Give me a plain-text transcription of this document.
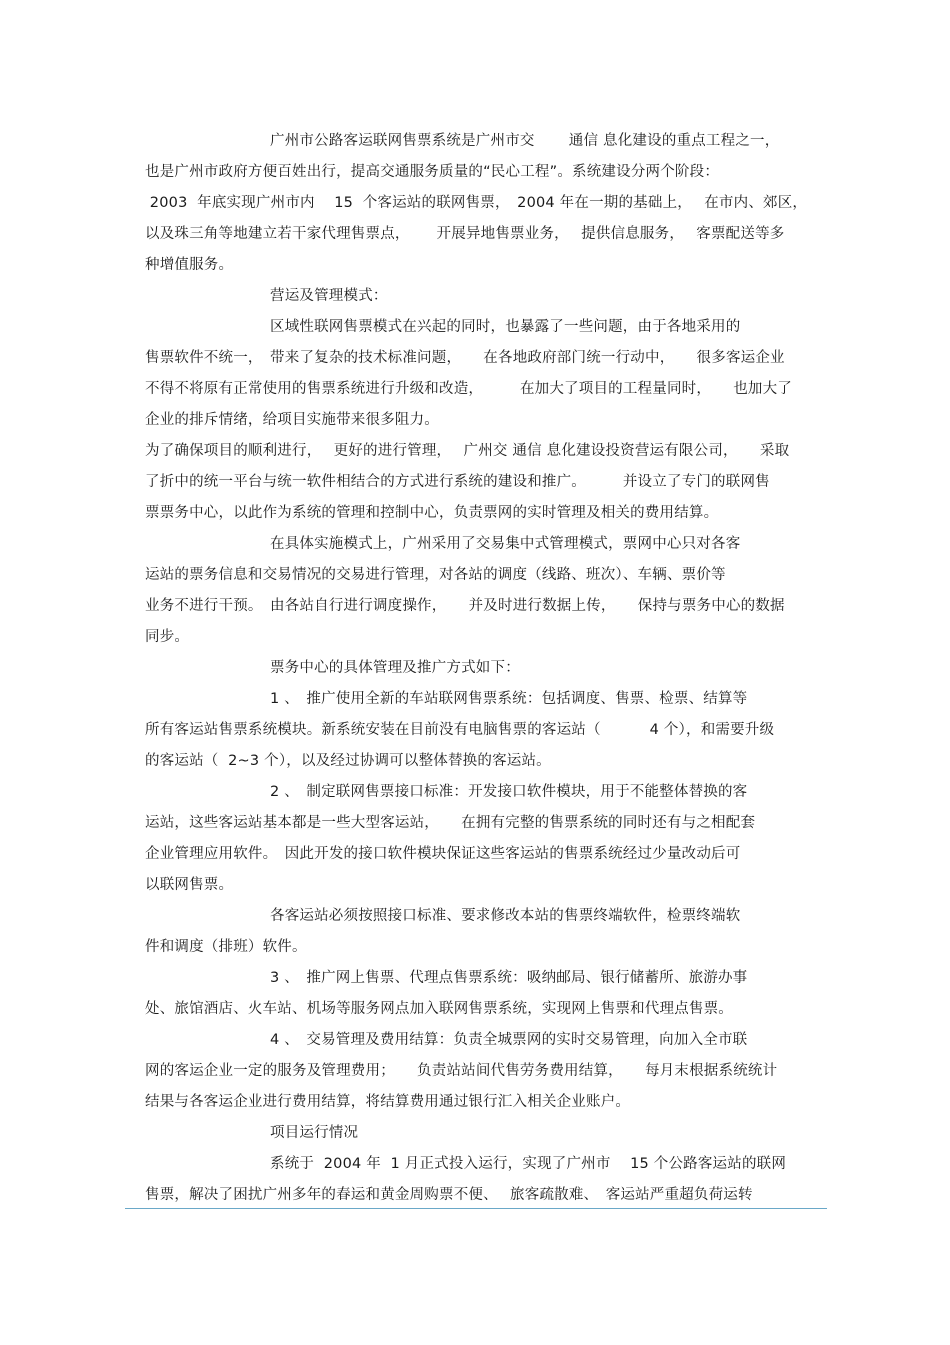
广州市公路客运联网售票系统是广州市交　　 通信 息化建设的重点工程之一，
也是广州市政府方便百姓出行，提高交通服务质量的“民心工程”。系统建设分两个阶段：
2003  年底实现广州市内　 15  个客运站的联网售票，　2004 年在一期的基础上，　 在市内、郊区，
以及珠三角等地建立若干家代理售票点，　　 开展异地售票业务，　 提供信息服务，　 客票配送等多
种增值服务。
营运及管理模式：
区域性联网售票模式在兴起的同时，也暴露了一些问题，由于各地采用的
售票软件不统一，　带来了复杂的技术标准问题，　　在各地政府部门统一行动中，　　很多客运企业
不得不将原有正常使用的售票系统进行升级和改造，　　　在加大了项目的工程量同时，　　也加大了
企业的排斥情绪，给项目实施带来很多阻力。
为了确保项目的顺利进行，　 更好的进行管理，　 广州交 通信 息化建设投资营运有限公司，　　采取
了折中的统一平台与统一软件相结合的方式进行系统的建设和推广。　　　并设立了专门的联网售
票票务中心，以此作为系统的管理和控制中心，负责票网的实时管理及相关的费用结算。
在具体实施模式上，广州采用了交易集中式管理模式，票网中心只对各客
运站的票务信息和交易情况的交易进行管理，对各站的调度（线路、班次）、车辆、票价等
业务不进行干预。　由各站自行进行调度操作，　　并及时进行数据上传，　　保持与票务中心的数据
同步。
票务中心的具体管理及推广方式如下：
1 、　推广使用全新的车站联网售票系统：包括调度、售票、检票、结算等
所有客运站售票系统模块。新系统安装在目前没有电脑售票的客运站（　　　 4 个），和需要升级
的客运站（  2~3 个），以及经过协调可以整体替换的客运站。
2 、　制定联网售票接口标准：开发接口软件模块，用于不能整体替换的客
运站，这些客运站基本都是一些大型客运站，　　在拥有完整的售票系统的同时还有与之相配套
企业管理应用软件。　因此开发的接口软件模块保证这些客运站的售票系统经过少量改动后可
以联网售票。
各客运站必须按照接口标准、要求修改本站的售票终端软件，检票终端软
件和调度（排班）软件。
3 、　推广网上售票、代理点售票系统：吸纳邮局、银行储蓄所、旅游办事
处、旅馆酒店、火车站、机场等服务网点加入联网售票系统，实现网上售票和代理点售票。
4 、　交易管理及费用结算：负责全城票网的实时交易管理，向加入全市联
网的客运企业一定的服务及管理费用；　　负责站站间代售劳务费用结算，　　每月末根据系统统计
结果与各客运企业进行费用结算，将结算费用通过银行汇入相关企业账户。
项目运行情况
系统于  2004 年  1 月正式投入运行，实现了广州市　 15 个公路客运站的联网
售票，解决了困扰广州多年的春运和黄金周购票不便、　 旅客疏散难、　客运站严重超负荷运转
